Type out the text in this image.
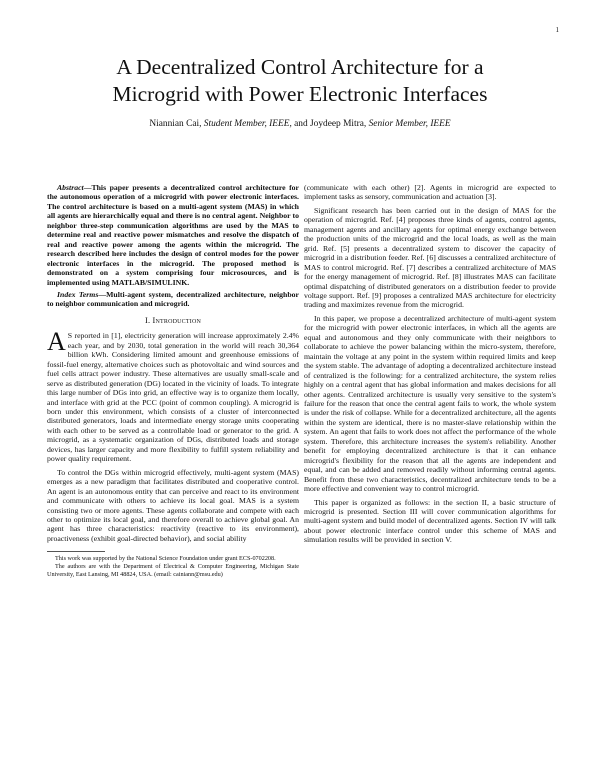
1
A Decentralized Control Architecture for a
Microgrid with Power Electronic Interfaces

Niannian Cai, Student Member, IEEE, and Joydeep Mitra, Senior Member, IEEE

Abstract—This paper presents a decentralized control architecture for the autonomous operation of a microgrid with power electronic interfaces. The control architecture is based on a multi-agent system (MAS) in which all agents are hierarchically equal and there is no central agent. Neighbor to neighbor three-step communication algorithms are used by the MAS to determine real and reactive power mismatches and resolve the dispatch of real and reactive power among the agents within the microgrid. The research described here includes the design of control modes for the power electronic interfaces in the microgrid. The proposed method is demonstrated on a system comprising four microsources, and is implemented using MATLAB/SIMULINK.

Index Terms—Multi-agent system, decentralized architecture, neighbor to neighbor communication and microgrid.

I. Introduction

A S reported in [1], electricity generation will increase approximately 2.4% each year, and by 2030, total generation in the world will reach 30,364 billion kWh. Considering limited amount and greenhouse emissions of fossil-fuel energy, alternative choices such as photovoltaic and wind sources and fuel cells attract power industry. These alternatives are usually small-scale and serve as distributed generation (DG) located in the vicinity of loads. To integrate this large number of DGs into grid, an effective way is to organize them locally, and interface with grid at the PCC (point of common coupling). A microgrid is born under this environment, which consists of a cluster of interconnected distributed generators, loads and intermediate energy storage units cooperating with each other to be served as a controllable load or generator to the grid. A microgrid, as a systematic organization of DGs, distributed loads and storage devices, has larger capacity and more flexibility to fulfill system reliability and power quality requirement.

To control the DGs within microgrid effectively, multi-agent system (MAS) emerges as a new paradigm that facilitates distributed and cooperative control. An agent is an autonomous entity that can perceive and react to its environment and communicate with others to achieve its local goal. MAS is a system consisting two or more agents. These agents collaborate and compete with each other to optimize its local goal, and therefore overall to achieve global goal. An agent has three characteristics: reactivity (reactive to its environment), proactiveness (exhibit goal-directed behavior), and social ability

This work was supported by the National Science Foundation under grant ECS-0702208.

The authors are with the Department of Electrical & Computer Engineering, Michigan State University, East Lansing, MI 48824, USA. (email: cainiann@msu.edu)

(communicate with each other) [2]. Agents in microgrid are expected to implement tasks as sensory, communication and actuation [3].

Significant research has been carried out in the design of MAS for the operation of microgrid. Ref. [4] proposes three kinds of agents, control agents, management agents and ancillary agents for optimal energy exchange between the production units of the microgrid and the local loads, as well as the main grid. Ref. [5] presents a decentralized system to discover the capacity of microgrid in a distribution feeder. Ref. [6] discusses a centralized architecture of MAS to control microgrid. Ref. [7] describes a centralized architecture of MAS for the energy management of microgrid. Ref. [8] illustrates MAS can facilitate optimal dispatching of distributed generators on a distribution feeder to provide voltage support. Ref. [9] proposes a centralized MAS architecture for electricity trading and maximizes revenue from the microgrid.

In this paper, we propose a decentralized architecture of multi-agent system for the microgrid with power electronic interfaces, in which all the agents are equal and autonomous and they only communicate with their neighbors to collaborate to achieve the power balancing within the micro-system, therefore, maintain the voltage at any point in the system within required limits and keep the system stable. The advantage of adopting a decentralized architecture instead of centralized is the following: for a centralized architecture, the system relies highly on a central agent that has global information and makes decisions for all other agents. Centralized architecture is usually very sensitive to the system's failure for the reason that once the central agent fails to work, the whole system is under the risk of collapse. While for a decentralized architecture, all the agents within the system are identical, there is no master-slave relationship within the system. An agent that fails to work does not affect the performance of the whole system. Therefore, this architecture increases the system's reliability. Another benefit for employing decentralized architecture is that it can enhance microgrid's flexibility for the reason that all the agents are independent and equal, and can be added and removed readily without informing central agents. Benefit from these two characteristics, decentralized architecture tends to be a more effective and convenient way to control microgrid.

This paper is organized as follows: in the section II, a basic structure of microgrid is presented. Section III will cover communication algorithms for multi-agent system and build model of decentralized agents. Section IV will talk about power electronic interface control under this scheme of MAS and simulation results will be provided in section V.
